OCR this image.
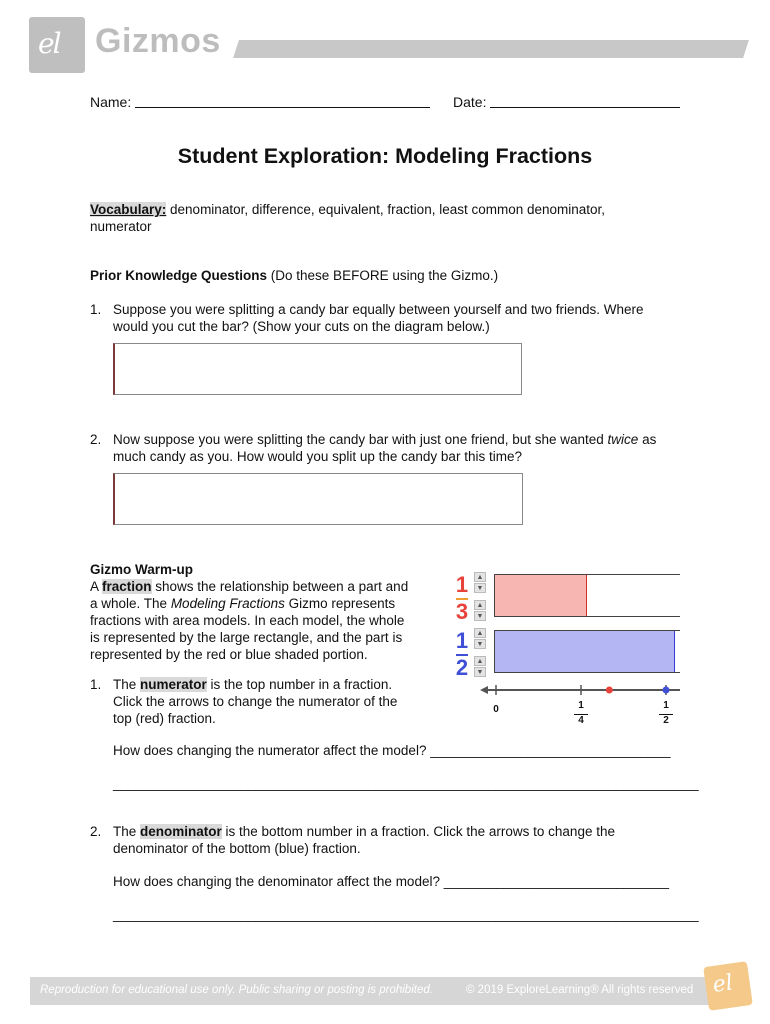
el Gizmos
Name:	Date:
Student Exploration: Modeling Fractions
Vocabulary: denominator, difference, equivalent, fraction, least common denominator,
numerator
Prior Knowledge Questions (Do these BEFORE using the Gizmo.)
1. Suppose you were splitting a candy bar equally between yourself and two friends. Where
would you cut the bar? (Show your cuts on the diagram below.)
2. Now suppose you were splitting the candy bar with just one friend, but she wanted twice as
much candy as you. How would you split up the candy bar this time?
Gizmo Warm-up
A fraction shows the relationship between a part and
a whole. The Modeling Fractions Gizmo represents
fractions with area models. In each model, the whole
is represented by the large rectangle, and the part is
represented by the red or blue shaded portion.
1
3
▲
▼
▲
▼
1
2
▲
▼
▲
▼
0	1
4
1
2
1. The numerator is the top number in a fraction.
Click the arrows to change the numerator of the
top (red) fraction.
How does changing the numerator affect the model? ________________________________
______________________________________________________________________________
2. The denominator is the bottom number in a fraction. Click the arrows to change the
denominator of the bottom (blue) fraction.
How does changing the denominator affect the model? ______________________________
______________________________________________________________________________
Reproduction for educational use only. Public sharing or posting is prohibited.	© 2019 ExploreLearning® All rights reserved el
